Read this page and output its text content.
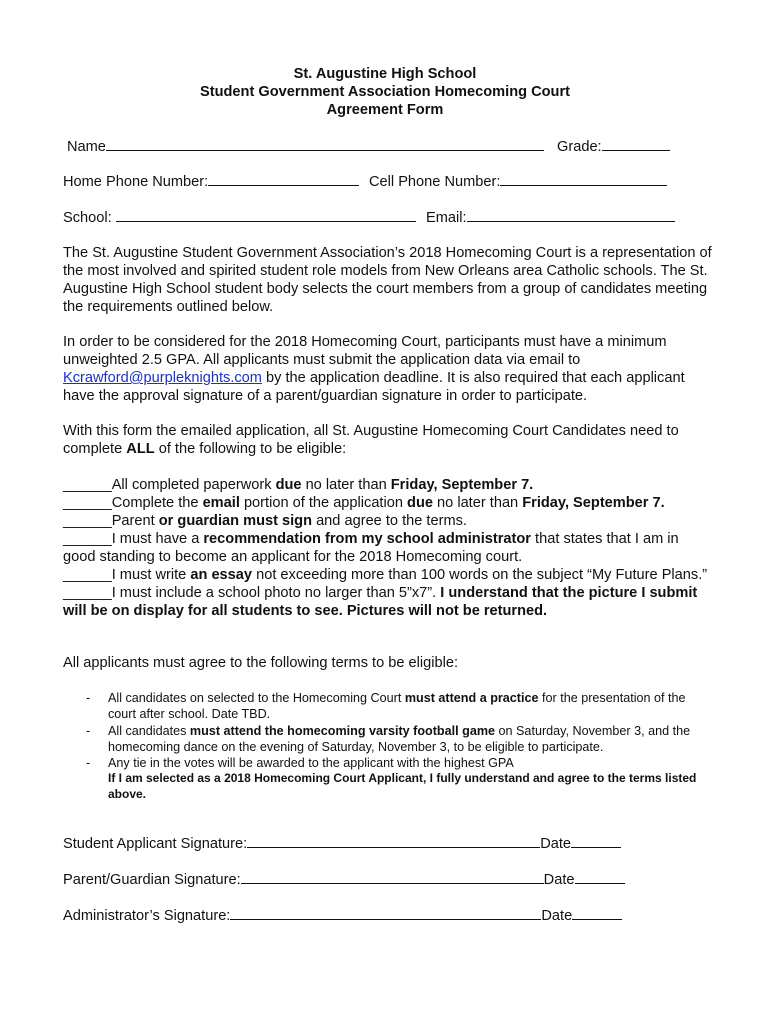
St. Augustine High School
Student Government Association Homecoming Court
Agreement Form
Name	Grade:
Home Phone Number:	Cell Phone Number:
School:	Email:
The St. Augustine Student Government Association’s 2018 Homecoming Court is a representation of the most involved and spirited student role models from New Orleans area Catholic schools. The St. Augustine High School student body selects the court members from a group of candidates meeting the requirements outlined below.
In order to be considered for the 2018 Homecoming Court, participants must have a minimum unweighted 2.5 GPA. All applicants must submit the application data via email to Kcrawford@purpleknights.com by the application deadline. It is also required that each applicant have the approval signature of a parent/guardian signature in order to participate.
With this form the emailed application, all St. Augustine Homecoming Court Candidates need to complete ALL of the following to be eligible:
______All completed paperwork due no later than Friday, September 7.
______Complete the email portion of the application due no later than Friday, September 7.
______Parent or guardian must sign and agree to the terms.
______I must have a recommendation from my school administrator that states that I am in good standing to become an applicant for the 2018 Homecoming court.
______I must write an essay not exceeding more than 100 words on the subject “My Future Plans.”
______I must include a school photo no larger than 5”x7”. I understand that the picture I submit will be on display for all students to see. Pictures will not be returned.
All applicants must agree to the following terms to be eligible:
- All candidates on selected to the Homecoming Court must attend a practice for the presentation of the court after school. Date TBD.
- All candidates must attend the homecoming varsity football game on Saturday, November 3, and the homecoming dance on the evening of Saturday, November 3, to be eligible to participate.
- Any tie in the votes will be awarded to the applicant with the highest GPA
If I am selected as a 2018 Homecoming Court Applicant, I fully understand and agree to the terms listed above.
Student Applicant Signature:	Date
Parent/Guardian Signature:	Date
Administrator’s Signature:	Date
